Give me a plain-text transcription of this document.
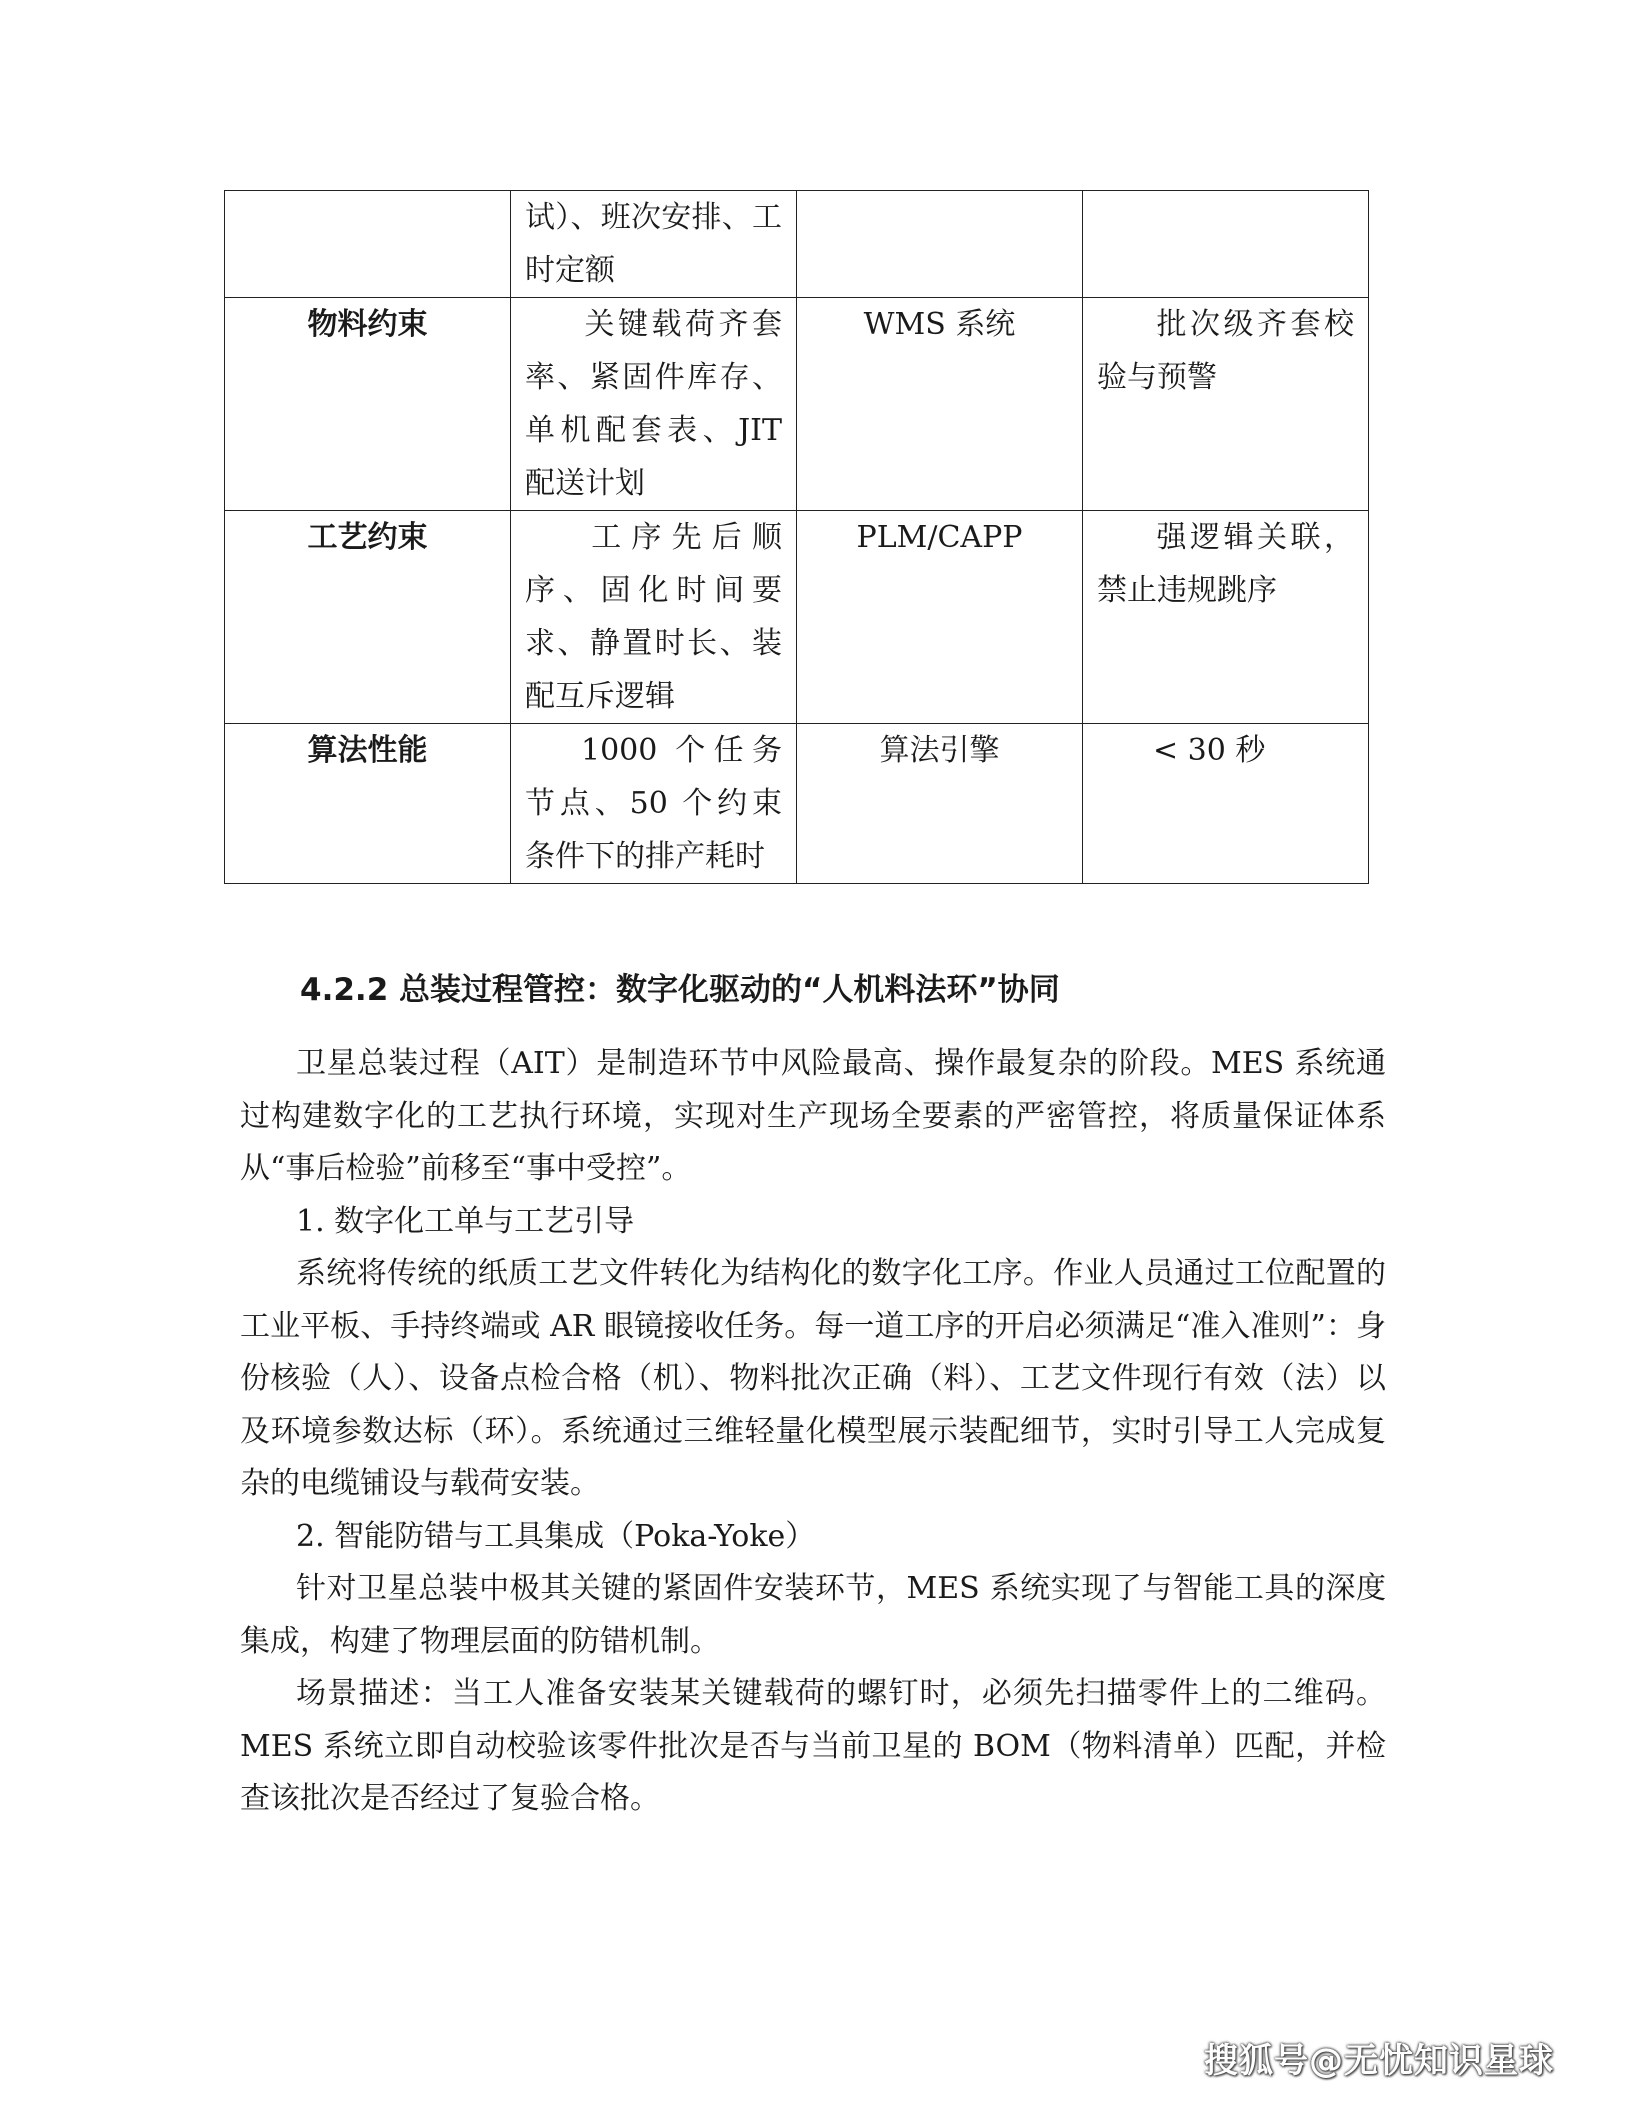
	试）、班次安排、工时定额		
物料约束	关键载荷齐套率、紧固件库存、单机配套表、JIT 配送计划	WMS 系统	批次级齐套校验与预警
工艺约束	工序先后顺序、固化时间要求、静置时长、装配互斥逻辑	PLM/CAPP	强逻辑关联，禁止违规跳序
算法性能	1000 个任务节点、50 个约束条件下的排产耗时	算法引擎	< 30 秒
4.2.2 总装过程管控：数字化驱动的“人机料法环”协同

卫星总装过程（AIT）是制造环节中风险最高、操作最复杂的阶段。MES 系统通过构建数字化的工艺执行环境，实现对生产现场全要素的严密管控，将质量保证体系从“事后检验”前移至“事中受控”。

1. 数字化工单与工艺引导

系统将传统的纸质工艺文件转化为结构化的数字化工序。作业人员通过工位配置的工业平板、手持终端或 AR 眼镜接收任务。每一道工序的开启必须满足“准入准则”：身份核验（人）、设备点检合格（机）、物料批次正确（料）、工艺文件现行有效（法）以及环境参数达标（环）。系统通过三维轻量化模型展示装配细节，实时引导工人完成复杂的电缆铺设与载荷安装。

2. 智能防错与工具集成（Poka-Yoke）

针对卫星总装中极其关键的紧固件安装环节，MES 系统实现了与智能工具的深度集成，构建了物理层面的防错机制。

场景描述：当工人准备安装某关键载荷的螺钉时，必须先扫描零件上的二维码。MES 系统立即自动校验该零件批次是否与当前卫星的 BOM（物料清单）匹配，并检查该批次是否经过了复验合格。

搜狐号@无忧知识星球
